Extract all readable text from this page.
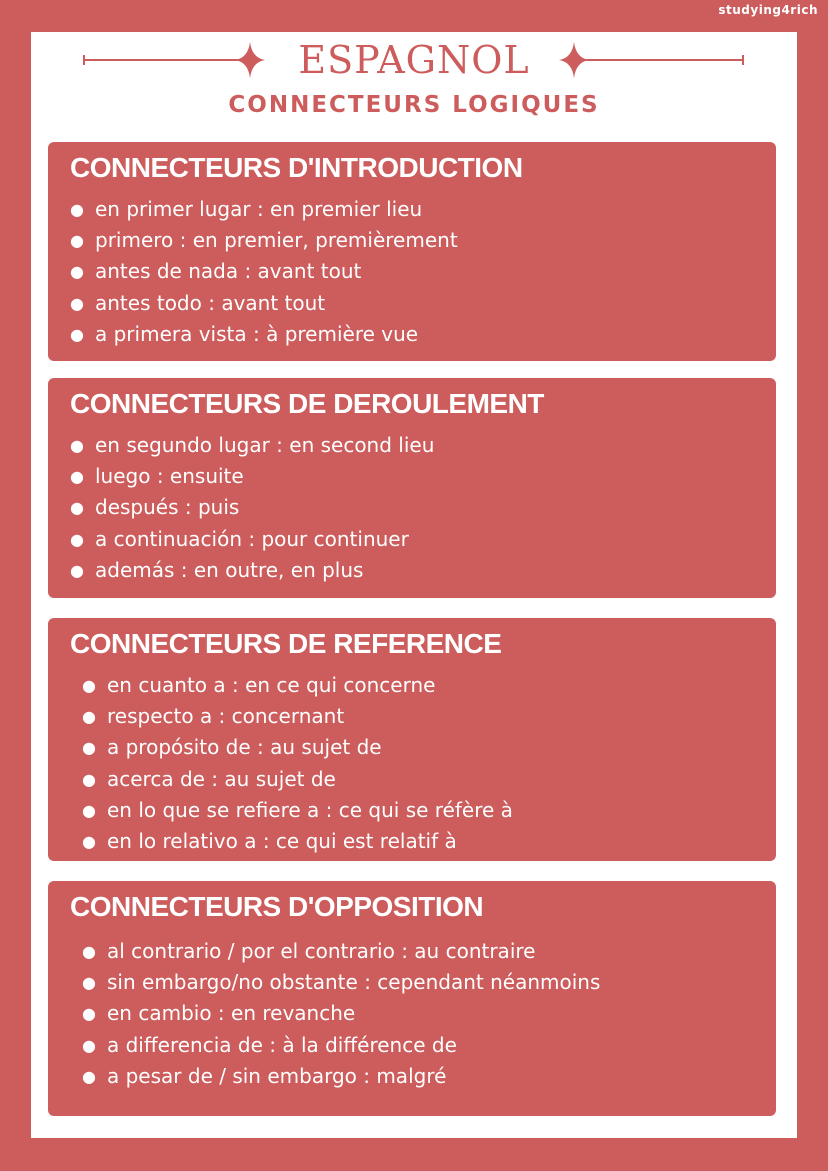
studying4rich
ESPAGNOL
CONNECTEURS LOGIQUES
CONNECTEURS D'INTRODUCTION
● en primer lugar : en premier lieu
● primero : en premier, premièrement
● antes de nada : avant tout
● antes todo : avant tout
● a primera vista : à première vue
CONNECTEURS DE DEROULEMENT
● en segundo lugar : en second lieu
● luego : ensuite
● después : puis
● a continuación : pour continuer
● además : en outre, en plus
CONNECTEURS DE REFERENCE
● en cuanto a : en ce qui concerne
● respecto a : concernant
● a propósito de : au sujet de
● acerca de : au sujet de
● en lo que se refiere a : ce qui se réfère à
● en lo relativo a : ce qui est relatif à
CONNECTEURS D'OPPOSITION
● al contrario / por el contrario : au contraire
● sin embargo/no obstante : cependant néanmoins
● en cambio : en revanche
● a differencia de : à la différence de
● a pesar de / sin embargo : malgré
